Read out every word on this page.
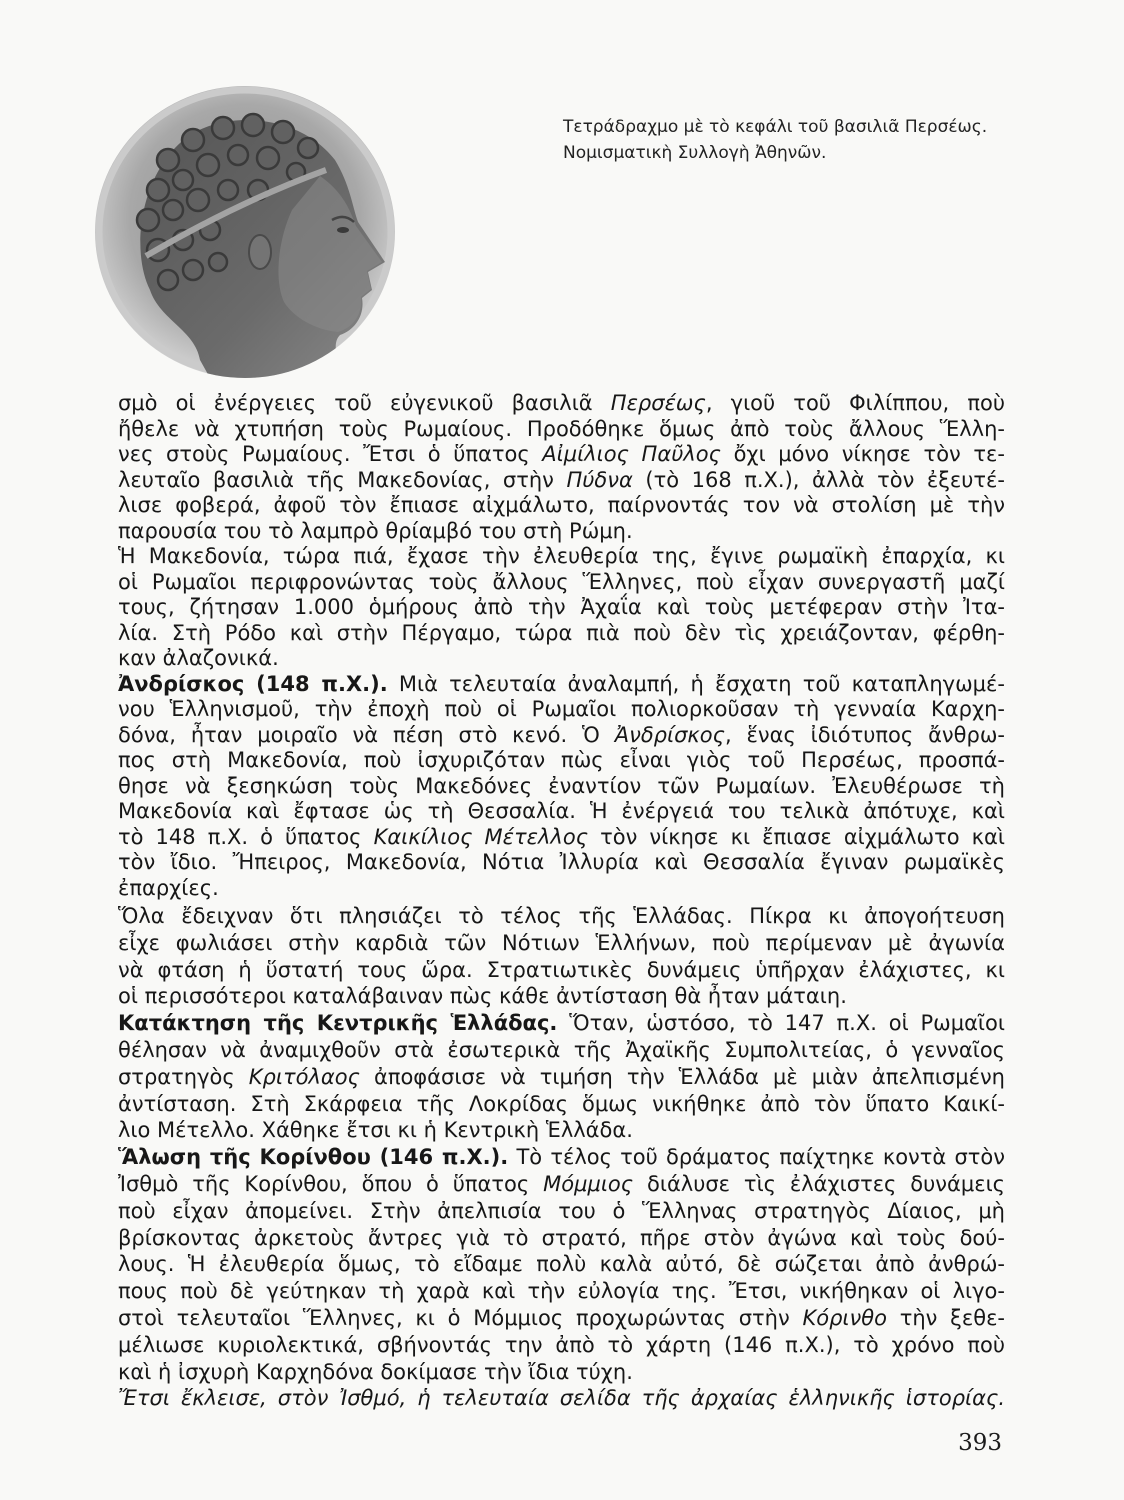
Τετράδραχμο μὲ τὸ κεφάλι τοῦ βασιλιᾶ Περσέως.
Νομισματικὴ Συλλογὴ Ἀθηνῶν.
σμὸ οἱ ἐνέργειες τοῦ εὐγενικοῦ βασιλιᾶ Περσέως, γιοῦ τοῦ Φιλίππου, ποὺ
ἤθελε νὰ χτυπήση τοὺς Ρωμαίους. Προδόθηκε ὅμως ἀπὸ τοὺς ἄλλους Ἕλλη-
νες στοὺς Ρωμαίους. Ἔτσι ὁ ὕπατος Αἰμίλιος Παῦλος ὄχι μόνο νίκησε τὸν τε-
λευταῖο βασιλιὰ τῆς Μακεδονίας, στὴν Πύδνα (τὸ 168 π.Χ.), ἀλλὰ τὸν ἐξευτέ-
λισε φοβερά, ἀφοῦ τὸν ἔπιασε αἰχμάλωτο, παίρνοντάς τον νὰ στολίση μὲ τὴν
παρουσία του τὸ λαμπρὸ θρίαμβό του στὴ Ρώμη.
Ἡ Μακεδονία, τώρα πιά, ἔχασε τὴν ἐλευθερία της, ἔγινε ρωμαϊκὴ ἐπαρχία, κι
οἱ Ρωμαῖοι περιφρονώντας τοὺς ἄλλους Ἕλληνες, ποὺ εἶχαν συνεργαστῆ μαζί
τους, ζήτησαν 1.000 ὁμήρους ἀπὸ τὴν Ἀχαΐα καὶ τοὺς μετέφεραν στὴν Ἰτα-
λία. Στὴ Ρόδο καὶ στὴν Πέργαμο, τώρα πιὰ ποὺ δὲν τὶς χρειάζονταν, φέρθη-
καν ἀλαζονικά.
Ἀνδρίσκος (148 π.Χ.). Μιὰ τελευταία ἀναλαμπή, ἡ ἔσχατη τοῦ καταπληγωμέ-
νου Ἑλληνισμοῦ, τὴν ἐποχὴ ποὺ οἱ Ρωμαῖοι πολιορκοῦσαν τὴ γενναία Καρχη-
δόνα, ἦταν μοιραῖο νὰ πέση στὸ κενό. Ὁ Ἀνδρίσκος, ἕνας ἰδιότυπος ἄνθρω-
πος στὴ Μακεδονία, ποὺ ἰσχυριζόταν πὼς εἶναι γιὸς τοῦ Περσέως, προσπά-
θησε νὰ ξεσηκώση τοὺς Μακεδόνες ἐναντίον τῶν Ρωμαίων. Ἐλευθέρωσε τὴ
Μακεδονία καὶ ἔφτασε ὡς τὴ Θεσσαλία. Ἡ ἐνέργειά του τελικὰ ἀπότυχε, καὶ
τὸ 148 π.Χ. ὁ ὕπατος Καικίλιος Μέτελλος τὸν νίκησε κι ἔπιασε αἰχμάλωτο καὶ
τὸν ἴδιο. Ἤπειρος, Μακεδονία, Νότια Ἰλλυρία καὶ Θεσσαλία ἔγιναν ρωμαϊκὲς
ἐπαρχίες.
Ὅλα ἔδειχναν ὅτι πλησιάζει τὸ τέλος τῆς Ἑλλάδας. Πίκρα κι ἀπογοήτευση
εἶχε φωλιάσει στὴν καρδιὰ τῶν Νότιων Ἑλλήνων, ποὺ περίμεναν μὲ ἀγωνία
νὰ φτάση ἡ ὕστατή τους ὥρα. Στρατιωτικὲς δυνάμεις ὑπῆρχαν ἐλάχιστες, κι
οἱ περισσότεροι καταλάβαιναν πὼς κάθε ἀντίσταση θὰ ἦταν μάταιη.
Κατάκτηση τῆς Κεντρικῆς Ἑλλάδας. Ὅταν, ὡστόσο, τὸ 147 π.Χ. οἱ Ρωμαῖοι
θέλησαν νὰ ἀναμιχθοῦν στὰ ἐσωτερικὰ τῆς Ἀχαϊκῆς Συμπολιτείας, ὁ γενναῖος
στρατηγὸς Κριτόλαος ἀποφάσισε νὰ τιμήση τὴν Ἑλλάδα μὲ μιὰν ἀπελπισμένη
ἀντίσταση. Στὴ Σκάρφεια τῆς Λοκρίδας ὅμως νικήθηκε ἀπὸ τὸν ὕπατο Καικί-
λιο Μέτελλο. Χάθηκε ἔτσι κι ἡ Κεντρικὴ Ἑλλάδα.
Ἅλωση τῆς Κορίνθου (146 π.Χ.). Τὸ τέλος τοῦ δράματος παίχτηκε κοντὰ στὸν
Ἰσθμὸ τῆς Κορίνθου, ὅπου ὁ ὕπατος Μόμμιος διάλυσε τὶς ἐλάχιστες δυνάμεις
ποὺ εἶχαν ἀπομείνει. Στὴν ἀπελπισία του ὁ Ἕλληνας στρατηγὸς Δίαιος, μὴ
βρίσκοντας ἀρκετοὺς ἄντρες γιὰ τὸ στρατό, πῆρε στὸν ἀγώνα καὶ τοὺς δού-
λους. Ἡ ἐλευθερία ὅμως, τὸ εἴδαμε πολὺ καλὰ αὐτό, δὲ σώζεται ἀπὸ ἀνθρώ-
πους ποὺ δὲ γεύτηκαν τὴ χαρὰ καὶ τὴν εὐλογία της. Ἔτσι, νικήθηκαν οἱ λιγο-
στοὶ τελευταῖοι Ἕλληνες, κι ὁ Μόμμιος προχωρώντας στὴν Κόρινθο τὴν ξεθε-
μέλιωσε κυριολεκτικά, σβήνοντάς την ἀπὸ τὸ χάρτη (146 π.Χ.), τὸ χρόνο ποὺ
καὶ ἡ ἰσχυρὴ Καρχηδόνα δοκίμασε τὴν ἴδια τύχη.
Ἔτσι ἔκλεισε, στὸν Ἰσθμό, ἡ τελευταία σελίδα τῆς ἀρχαίας ἑλληνικῆς ἱστορίας.
393
